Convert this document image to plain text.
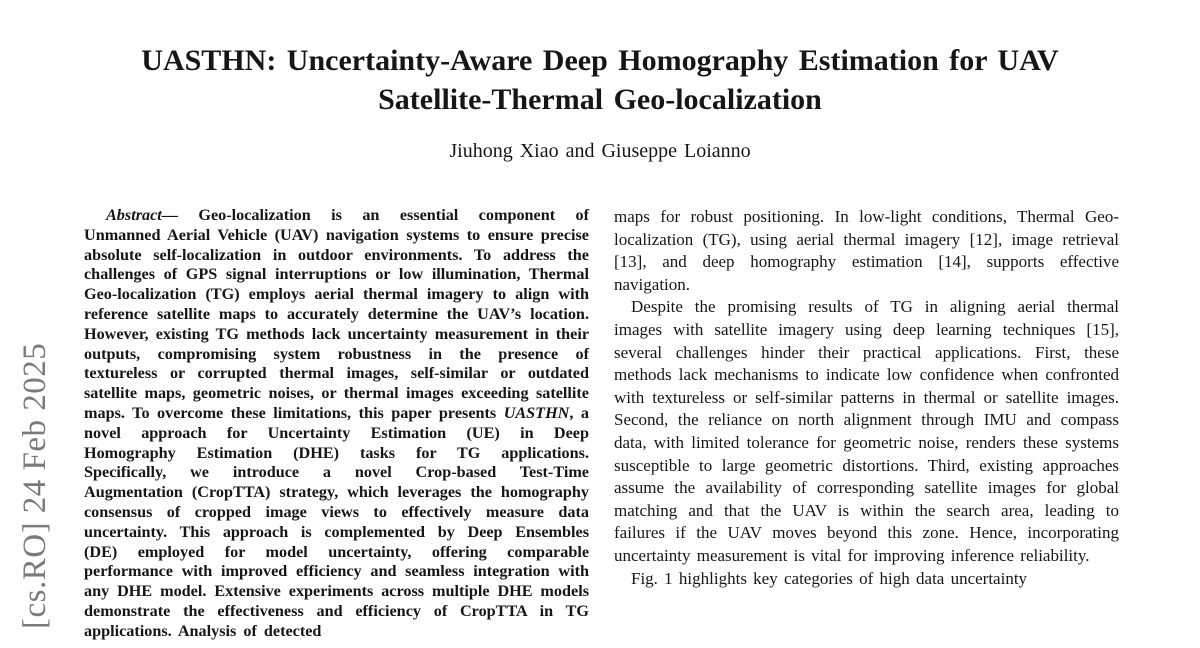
[cs.RO] 24 Feb 2025
UASTHN: Uncertainty-Aware Deep Homography Estimation for UAV
Satellite-Thermal Geo-localization
Jiuhong Xiao and Giuseppe Loianno

Abstract— Geo-localization is an essential component of Unmanned Aerial Vehicle (UAV) navigation systems to ensure precise absolute self-localization in outdoor environments. To address the challenges of GPS signal interruptions or low illumination, Thermal Geo-localization (TG) employs aerial thermal imagery to align with reference satellite maps to accurately determine the UAV’s location. However, existing TG methods lack uncertainty measurement in their outputs, compromising system robustness in the presence of textureless or corrupted thermal images, self-similar or outdated satellite maps, geometric noises, or thermal images exceeding satellite maps. To overcome these limitations, this paper presents UASTHN, a novel approach for Uncertainty Estimation (UE) in Deep Homography Estimation (DHE) tasks for TG applications. Specifically, we introduce a novel Crop-based Test-Time Augmentation (CropTTA) strategy, which leverages the homography consensus of cropped image views to effectively measure data uncertainty. This approach is complemented by Deep Ensembles (DE) employed for model uncertainty, offering comparable performance with improved efficiency and seamless integration with any DHE model. Extensive experiments across multiple DHE models demonstrate the effectiveness and efficiency of CropTTA in TG applications. Analysis of detected

maps for robust positioning. In low-light conditions, Thermal Geo-localization (TG), using aerial thermal imagery [12], image retrieval [13], and deep homography estimation [14], supports effective navigation.

Despite the promising results of TG in aligning aerial thermal images with satellite imagery using deep learning techniques [15], several challenges hinder their practical applications. First, these methods lack mechanisms to indicate low confidence when confronted with textureless or self-similar patterns in thermal or satellite images. Second, the reliance on north alignment through IMU and compass data, with limited tolerance for geometric noise, renders these systems susceptible to large geometric distortions. Third, existing approaches assume the availability of corresponding satellite images for global matching and that the UAV is within the search area, leading to failures if the UAV moves beyond this zone. Hence, incorporating uncertainty measurement is vital for improving inference reliability.

Fig. 1 highlights key categories of high data uncertainty
